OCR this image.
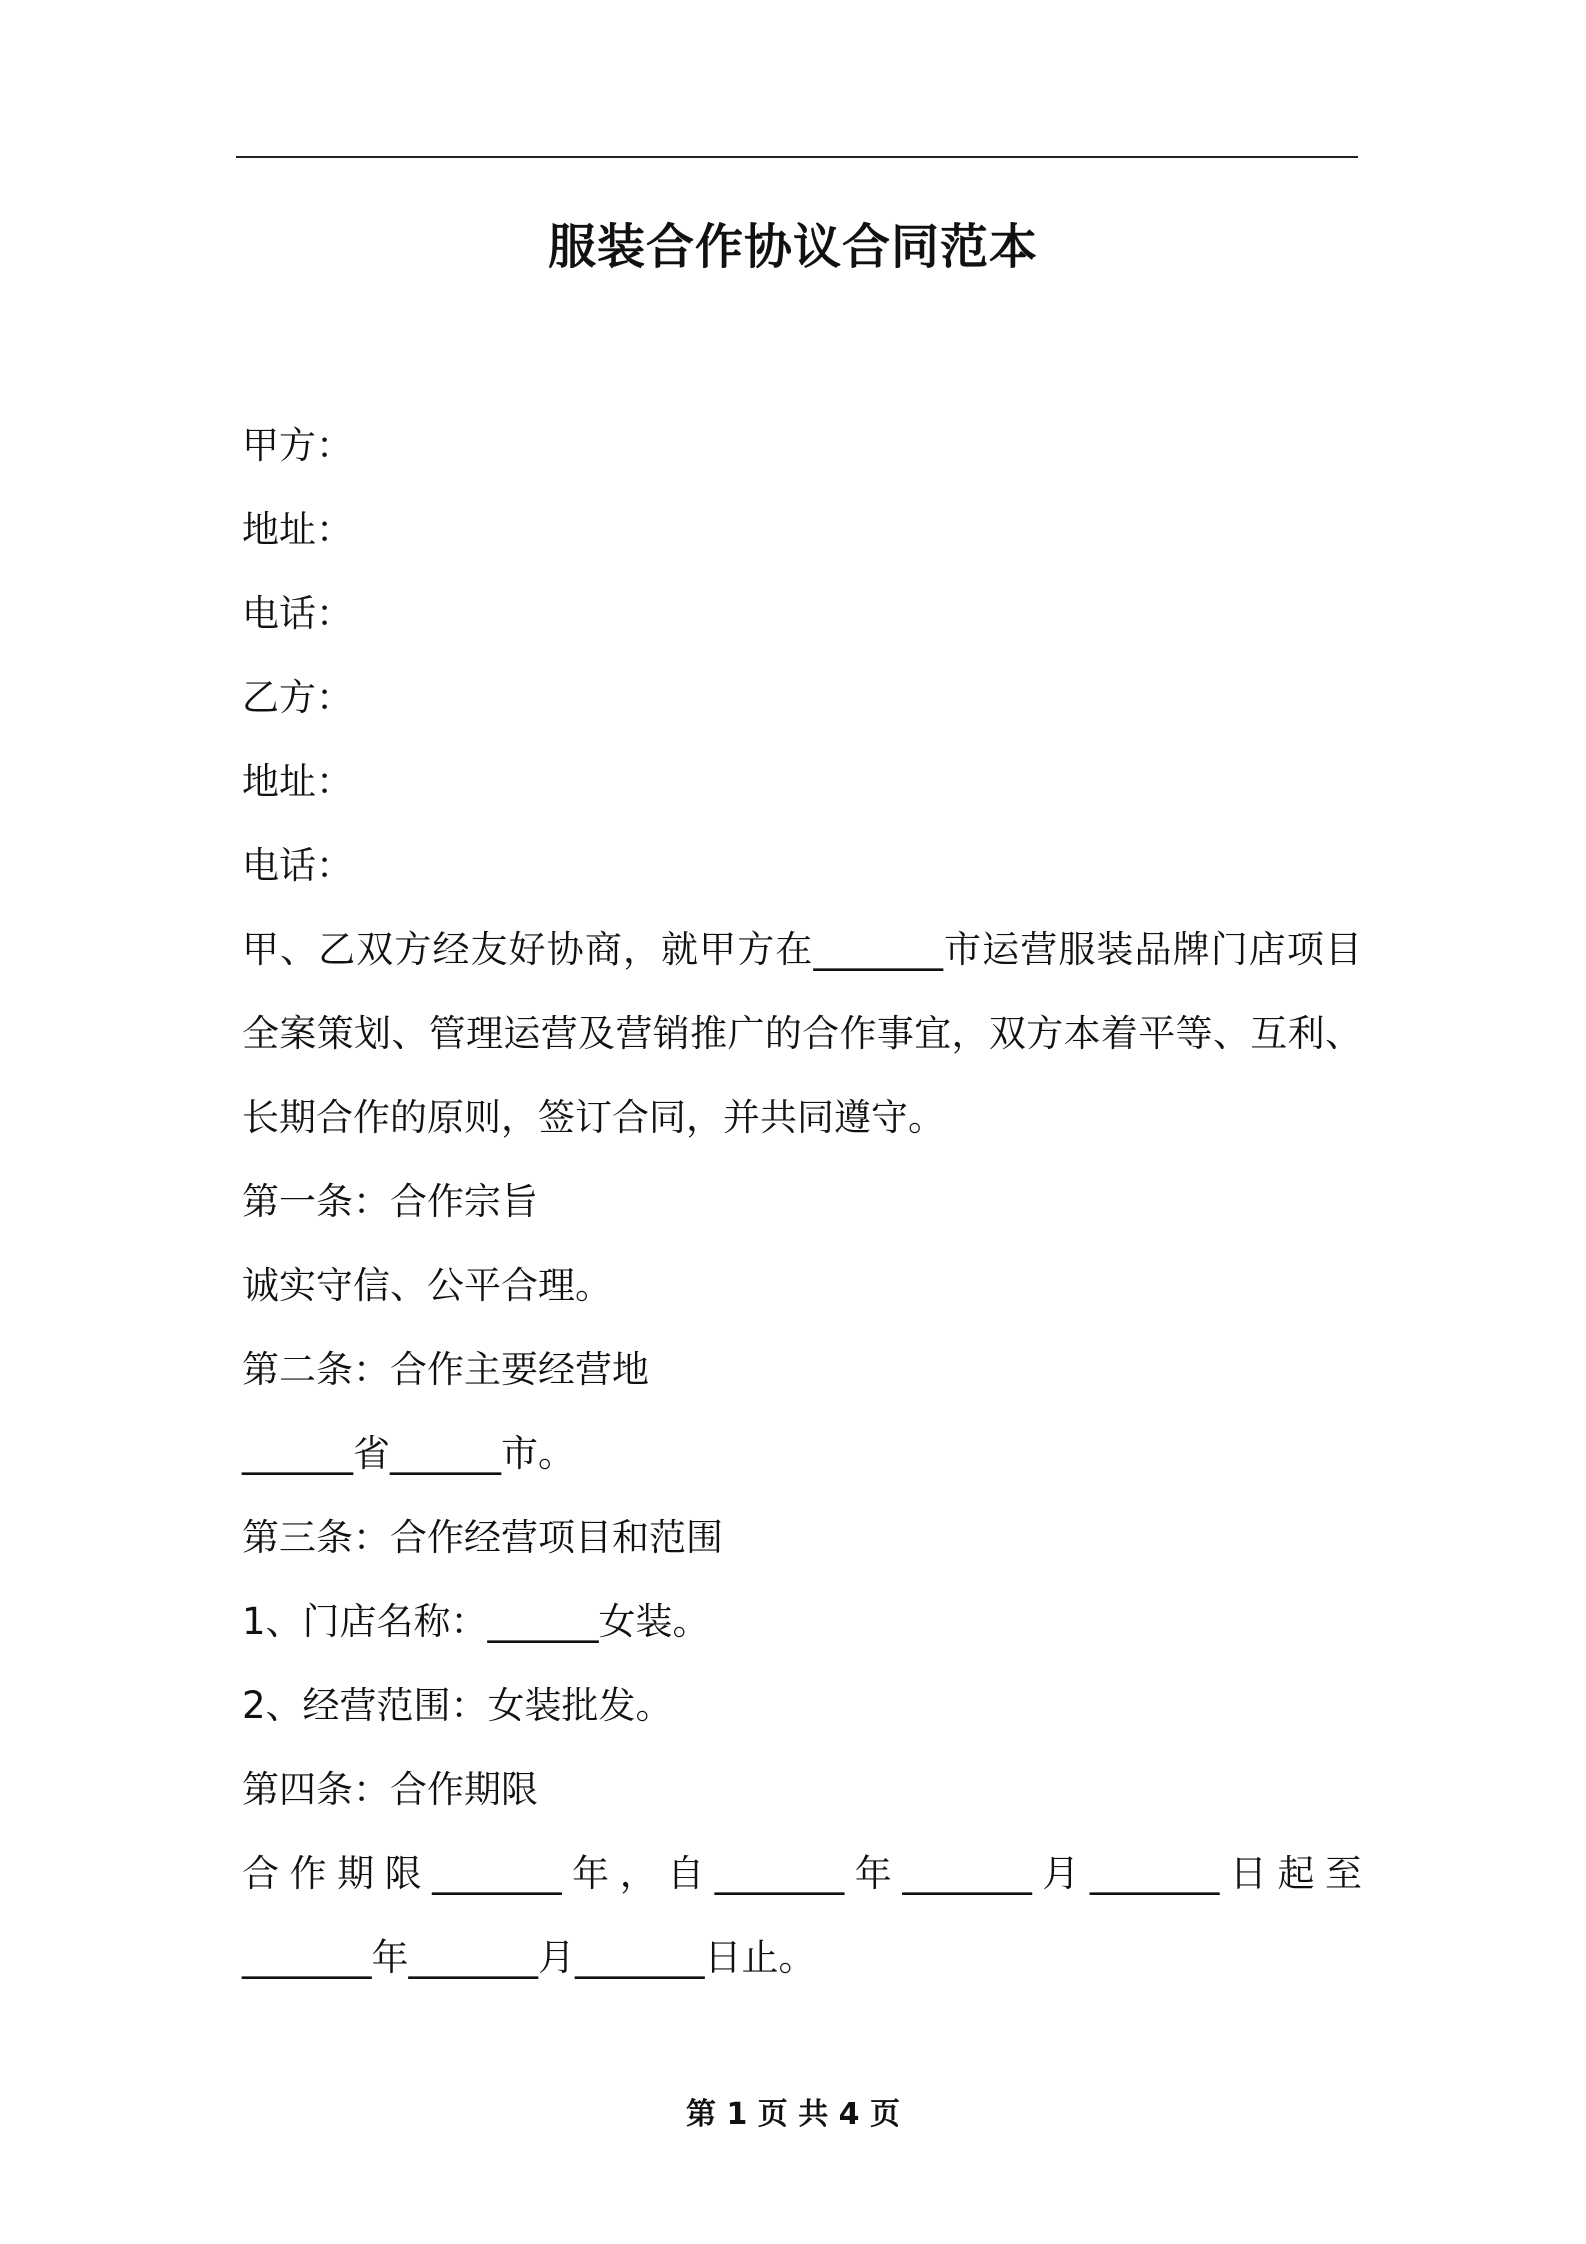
服装合作协议合同范本
甲方：
地址：
电话：
乙方：
地址：
电话：
甲、乙双方经友好协商，就甲方在_______市运营服装品牌门店项目
全案策划、管理运营及营销推广的合作事宜，双方本着平等、互利、
长期合作的原则，签订合同，并共同遵守。
第一条：合作宗旨
诚实守信、公平合理。
第二条：合作主要经营地
______省______市。
第三条：合作经营项目和范围
1、门店名称：______女装。
2、经营范围：女装批发。
第四条：合作期限
合作期限_______年，自_______年_______月_______日起至
_______年_______月_______日止。
第 1 页 共 4 页
